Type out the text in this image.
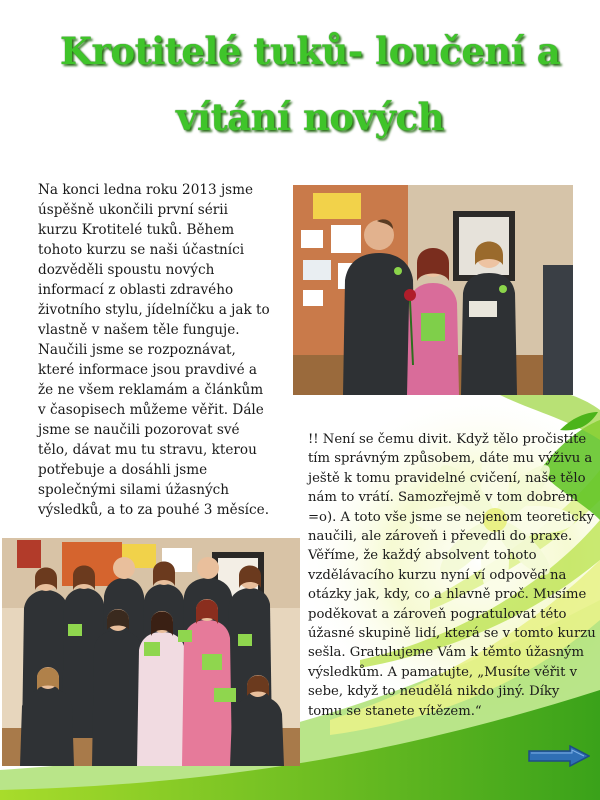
Krotitelé tuků- loučení a
vítání nových
Na konci ledna roku 2013 jsme úspěšně ukončili první sérii kurzu Krotitelé tuků. Během tohoto kurzu se naši účastníci dozvěděli spoustu nových informací z oblasti zdravého životního stylu, jídelníčku a jak to vlastně v našem těle funguje. Naučili jsme se rozpoznávat, které informace jsou pravdivé a že ne všem reklamám a článkům v časopisech můžeme věřit. Dále jsme se naučili pozorovat své tělo, dávat mu tu stravu, kterou potřebuje a dosáhli jsme společnými silami úžasných výsledků, a to za pouhé 3 měsíce.
!! Není se čemu divit. Když tělo pročistíte tím správným způsobem, dáte mu výživu a ještě k tomu pravidelné cvičení, naše tělo nám to vrátí. Samozřejmě v tom dobrém =o). A toto vše jsme se nejenom teoreticky naučili, ale zároveň i převedli do praxe. Věříme, že každý absolvent tohoto vzdělávacího kurzu nyní ví odpověď na otázky jak, kdy, co a hlavně proč. Musíme poděkovat a zároveň pogratulovat této úžasné skupině lidí, která se v tomto kurzu sešla. Gratulujeme Vám k těmto úžasným výsledkům. A pamatujte, „Musíte věřit v sebe, když to neudělá nikdo jiný. Díky tomu se stanete vítězem.“
